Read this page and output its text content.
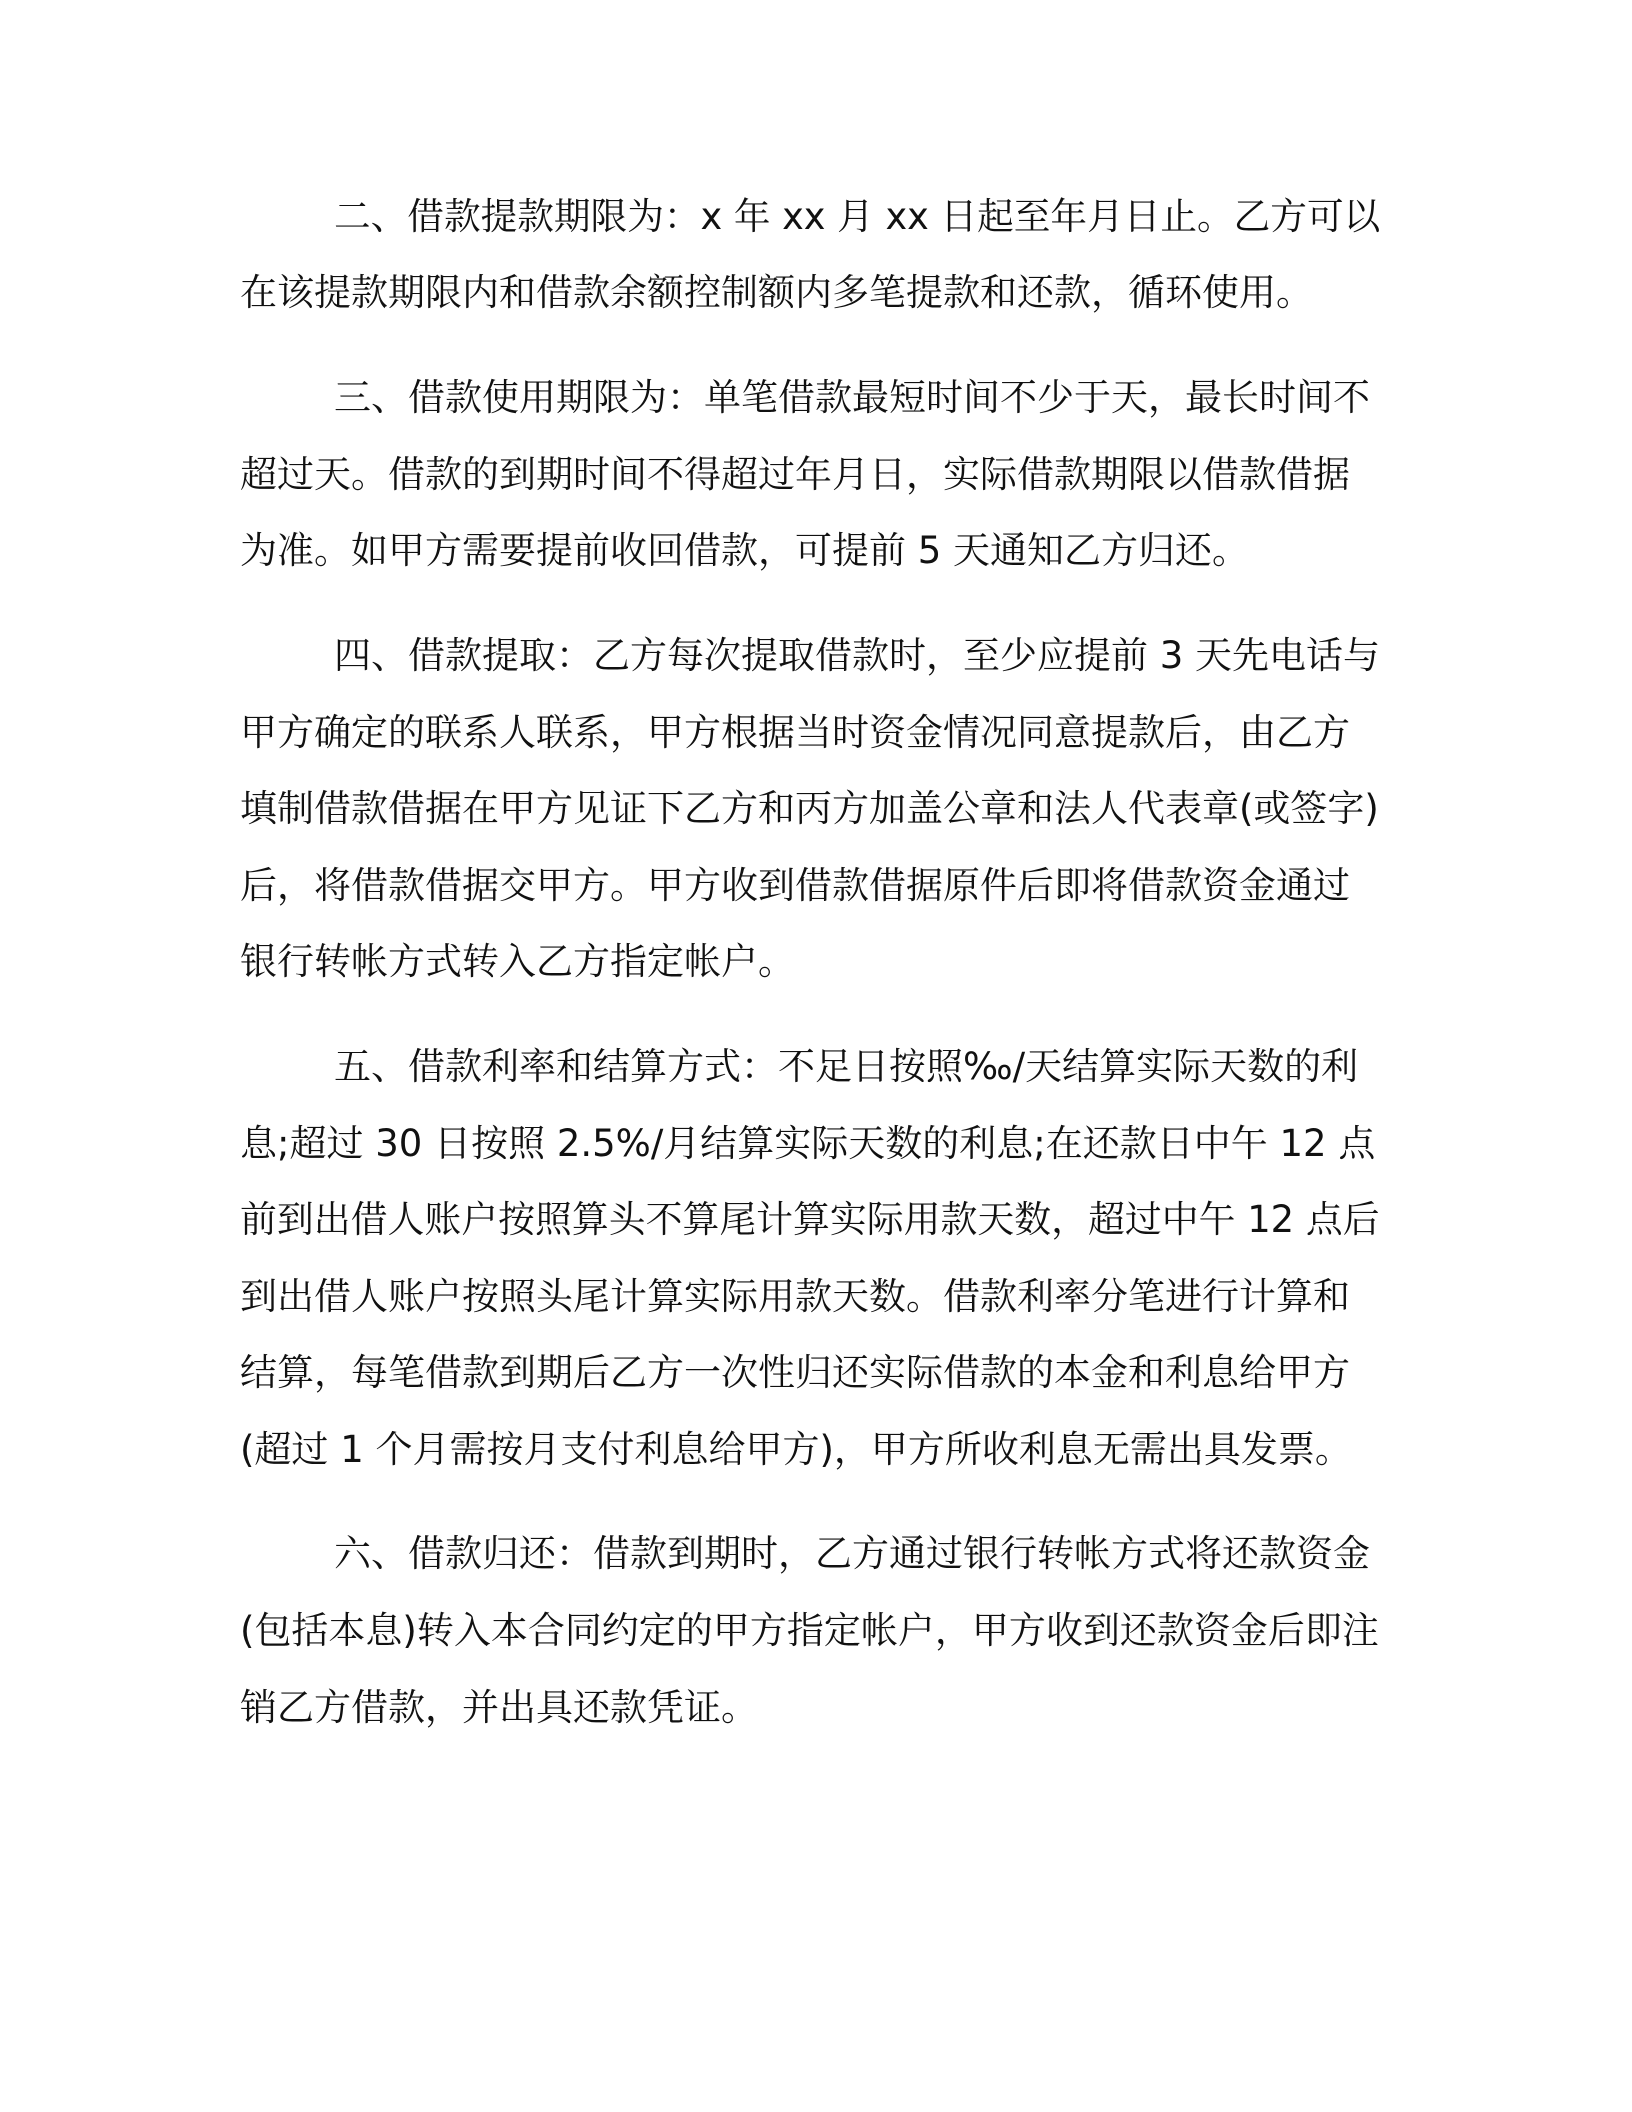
二、借款提款期限为：x 年 xx 月 xx 日起至年月日止。乙方可以

在该提款期限内和借款余额控制额内多笔提款和还款，循环使用。

三、借款使用期限为：单笔借款最短时间不少于天，最长时间不

超过天。借款的到期时间不得超过年月日，实际借款期限以借款借据

为准。如甲方需要提前收回借款，可提前 5 天通知乙方归还。

四、借款提取：乙方每次提取借款时，至少应提前 3 天先电话与

甲方确定的联系人联系，甲方根据当时资金情况同意提款后，由乙方

填制借款借据在甲方见证下乙方和丙方加盖公章和法人代表章(或签字)

后，将借款借据交甲方。甲方收到借款借据原件后即将借款资金通过

银行转帐方式转入乙方指定帐户。

五、借款利率和结算方式：不足日按照‰/天结算实际天数的利

息;超过 30 日按照 2.5%/月结算实际天数的利息;在还款日中午 12 点

前到出借人账户按照算头不算尾计算实际用款天数，超过中午 12 点后

到出借人账户按照头尾计算实际用款天数。借款利率分笔进行计算和

结算，每笔借款到期后乙方一次性归还实际借款的本金和利息给甲方

(超过 1 个月需按月支付利息给甲方)，甲方所收利息无需出具发票。

六、借款归还：借款到期时，乙方通过银行转帐方式将还款资金

(包括本息)转入本合同约定的甲方指定帐户，甲方收到还款资金后即注

销乙方借款，并出具还款凭证。
